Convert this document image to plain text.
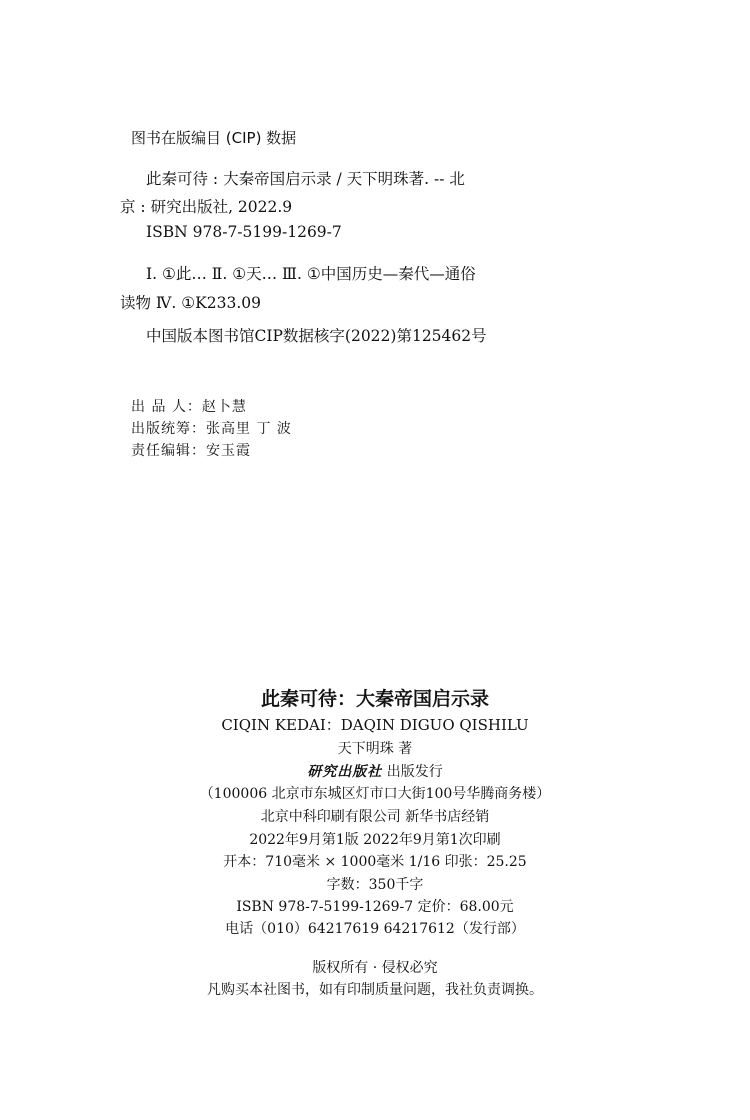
图书在版编目 (CIP) 数据
此秦可待 : 大秦帝国启示录 / 天下明珠著. -- 北
京 : 研究出版社, 2022.9
ISBN 978-7-5199-1269-7
Ⅰ. ①此… Ⅱ. ①天… Ⅲ. ①中国历史—秦代—通俗
读物 Ⅳ. ①K233.09
中国版本图书馆CIP数据核字(2022)第125462号
出 品 人：赵卜慧
出版统筹：张高里 丁 波
责任编辑：安玉霞
此秦可待：大秦帝国启示录
CIQIN KEDAI：DAQIN DIGUO QISHILU
天下明珠 著
研究出版社 出版发行
（100006 北京市东城区灯市口大街100号华腾商务楼）
北京中科印刷有限公司 新华书店经销
2022年9月第1版 2022年9月第1次印刷
开本：710毫米 × 1000毫米 1/16 印张：25.25
字数：350千字
ISBN 978-7-5199-1269-7 定价：68.00元
电话（010）64217619 64217612（发行部）
版权所有 · 侵权必究
凡购买本社图书，如有印制质量问题，我社负责调换。
